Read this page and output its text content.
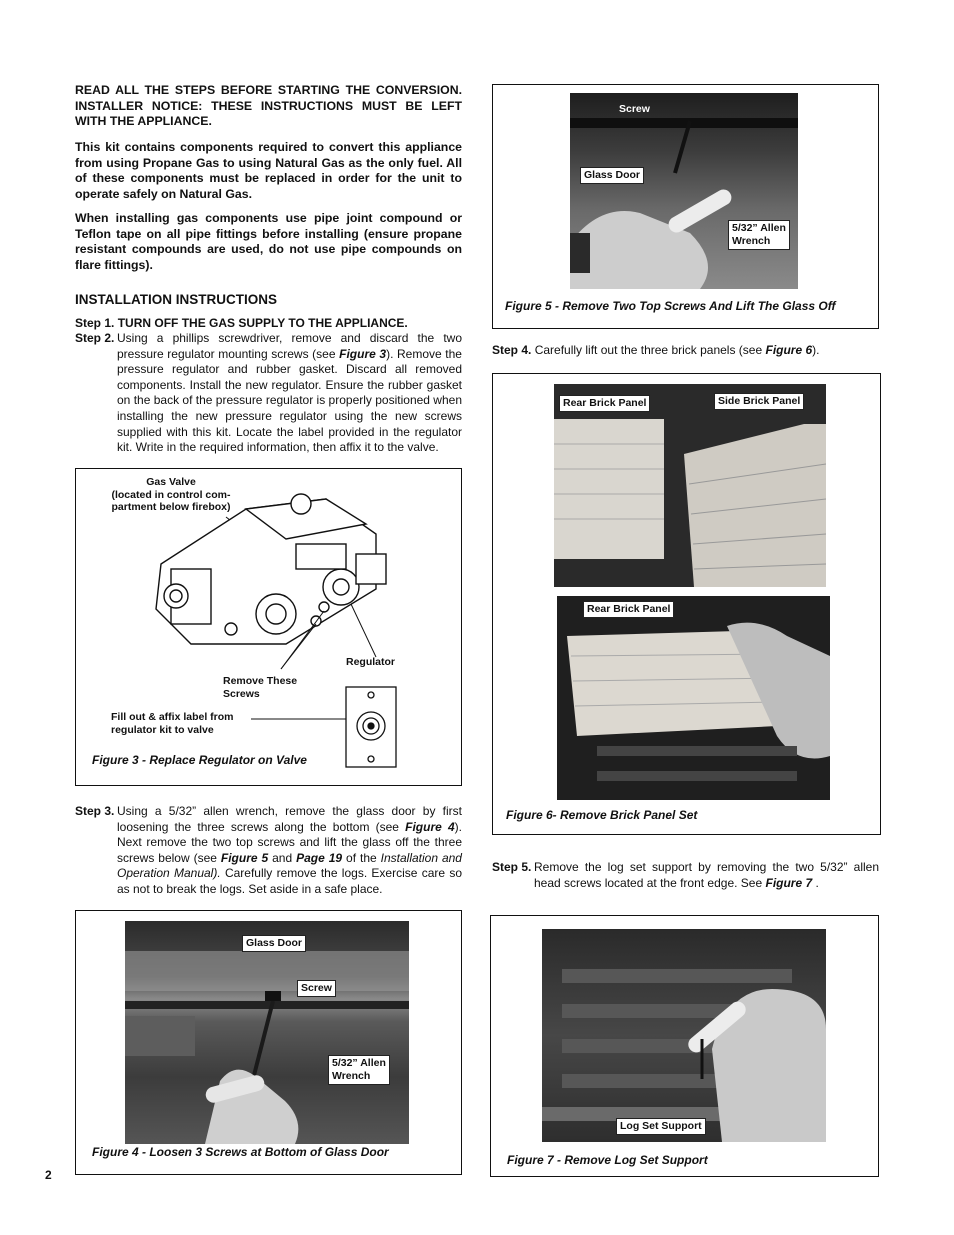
READ ALL THE STEPS BEFORE STARTING THE CONVERSION. INSTALLER NOTICE: THESE INSTRUCTIONS MUST BE LEFT WITH THE APPLIANCE.
This kit contains components required to convert this appliance from using Propane Gas to using Natural Gas as the only fuel. All of these components must be replaced in order for the unit to operate safely on Natural Gas.
When installing gas components use pipe joint compound or Teflon tape on all pipe fittings before installing (ensure propane resistant compounds are used, do not use pipe compounds on flare fittings).
INSTALLATION INSTRUCTIONS
Step 1. TURN OFF THE GAS SUPPLY TO THE APPLIANCE.
Step 2. Using a phillips screwdriver, remove and discard the two pressure regulator mounting screws (see Figure 3). Remove the pressure regulator and rubber gasket. Discard all removed components. Install the new regulator. Ensure the rubber gasket on the back of the pressure regulator is properly positioned when installing the new pressure regulator using the new screws supplied with this kit. Locate the label provided in the regulator kit. Write in the required information, then affix it to the valve.
Gas Valve
(located in control com-
partment below firebox)
Regulator
Remove These
Screws
Fill out & affix label from
regulator kit to valve
Figure 3 - Replace Regulator on Valve
Step 3. Using a 5/32” allen wrench, remove the glass door by first loosening the three screws along the bottom (see Figure 4). Next remove the two top screws and lift the glass off the three screws below (see Figure 5 and Page 19 of the Installation and Operation Manual). Carefully remove the logs. Exercise care so as not to break the logs. Set aside in a safe place.
Glass Door
Screw
5/32” Allen
Wrench
Figure 4 - Loosen 3 Screws at Bottom of Glass Door
Screw
Glass Door
5/32” Allen
Wrench
Figure 5 - Remove Two Top Screws And Lift The Glass Off
Step 4. Carefully lift out the three brick panels (see Figure 6).
Rear Brick Panel	Side Brick Panel
Rear Brick Panel
Figure 6- Remove Brick Panel Set
Step 5. Remove the log set support by removing the two 5/32” allen head screws located at the front edge. See Figure 7 .
Log Set Support
Figure 7 - Remove Log Set Support
2
